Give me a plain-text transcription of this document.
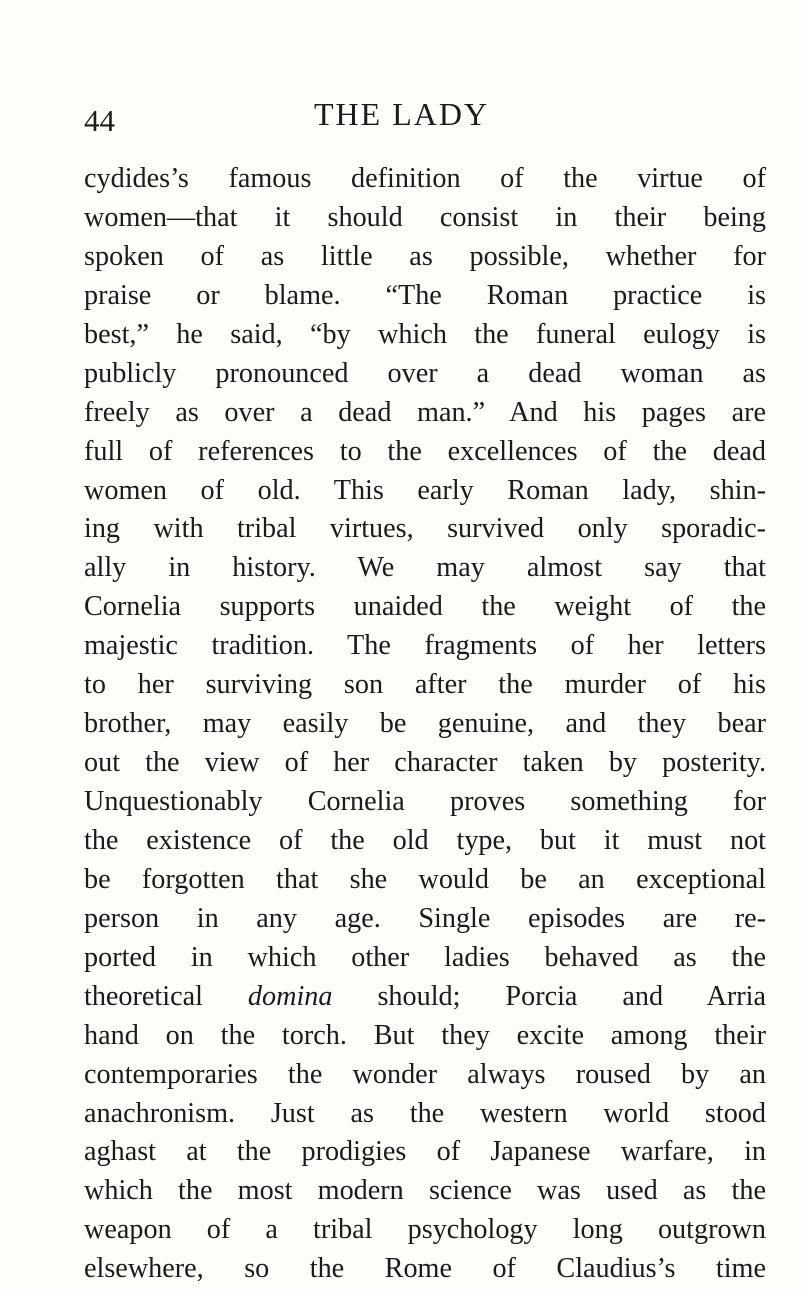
44	THE LADY
cydides’s famous definition of the virtue of
women—that it should consist in their being
spoken of as little as possible, whether for
praise or blame. “The Roman practice is
best,” he said, “by which the funeral eulogy is
publicly pronounced over a dead woman as
freely as over a dead man.” And his pages are
full of references to the excellences of the dead
women of old. This early Roman lady, shin-
ing with tribal virtues, survived only sporadic-
ally in history. We may almost say that
Cornelia supports unaided the weight of the
majestic tradition. The fragments of her letters
to her surviving son after the murder of his
brother, may easily be genuine, and they bear
out the view of her character taken by posterity.
Unquestionably Cornelia proves something for
the existence of the old type, but it must not
be forgotten that she would be an exceptional
person in any age. Single episodes are re-
ported in which other ladies behaved as the
theoretical domina should; Porcia and Arria
hand on the torch. But they excite among their
contemporaries the wonder always roused by an
anachronism. Just as the western world stood
aghast at the prodigies of Japanese warfare, in
which the most modern science was used as the
weapon of a tribal psychology long outgrown
elsewhere, so the Rome of Claudius’s time
